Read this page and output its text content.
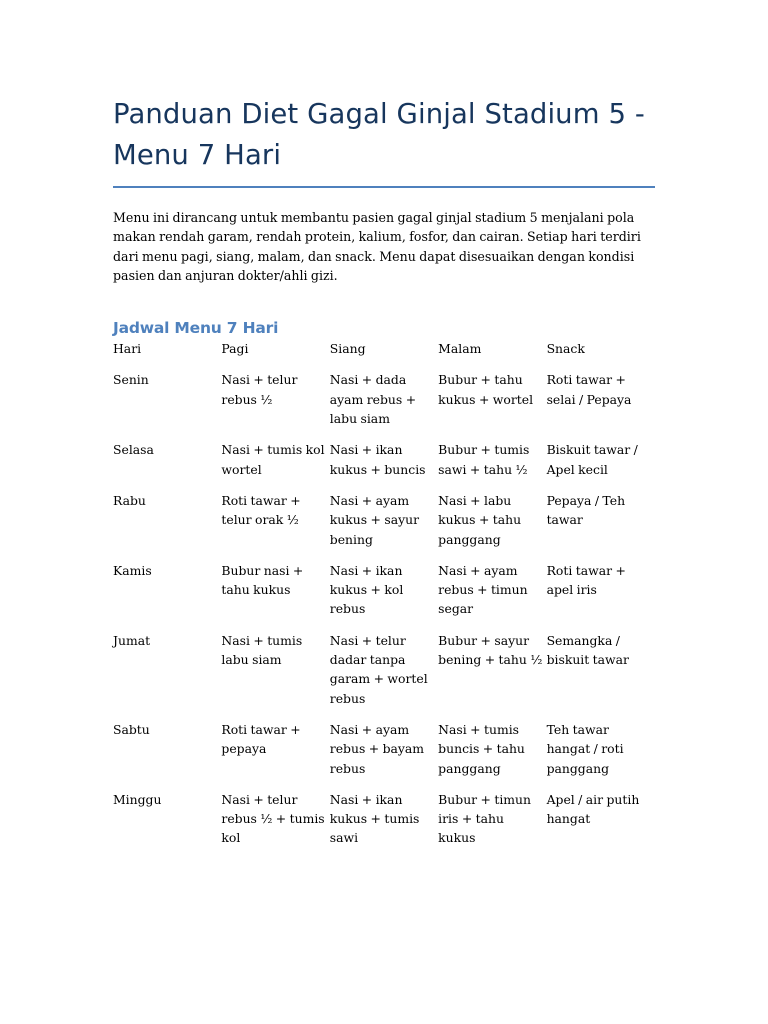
Panduan Diet Gagal Ginjal Stadium 5 -
Menu 7 Hari

Menu ini dirancang untuk membantu pasien gagal ginjal stadium 5 menjalani pola makan rendah garam, rendah protein, kalium, fosfor, dan cairan. Setiap hari terdiri dari menu pagi, siang, malam, dan snack. Menu dapat disesuaikan dengan kondisi pasien dan anjuran dokter/ahli gizi.

Jadwal Menu 7 Hari
Hari	Pagi	Siang	Malam	Snack
Senin	Nasi + telur rebus ½	Nasi + dada ayam rebus + labu siam	Bubur + tahu kukus + wortel	Roti tawar + selai / Pepaya
Selasa	Nasi + tumis kol wortel	Nasi + ikan kukus + buncis	Bubur + tumis sawi + tahu ½	Biskuit tawar / Apel kecil
Rabu	Roti tawar + telur orak ½	Nasi + ayam kukus + sayur bening	Nasi + labu kukus + tahu panggang	Pepaya / Teh tawar
Kamis	Bubur nasi + tahu kukus	Nasi + ikan kukus + kol rebus	Nasi + ayam rebus + timun segar	Roti tawar + apel iris
Jumat	Nasi + tumis labu siam	Nasi + telur dadar tanpa garam + wortel rebus	Bubur + sayur bening + tahu ½	Semangka / biskuit tawar
Sabtu	Roti tawar + pepaya	Nasi + ayam rebus + bayam rebus	Nasi + tumis buncis + tahu panggang	Teh tawar hangat / roti panggang
Minggu	Nasi + telur rebus ½ + tumis kol	Nasi + ikan kukus + tumis sawi	Bubur + timun iris + tahu kukus	Apel / air putih hangat
